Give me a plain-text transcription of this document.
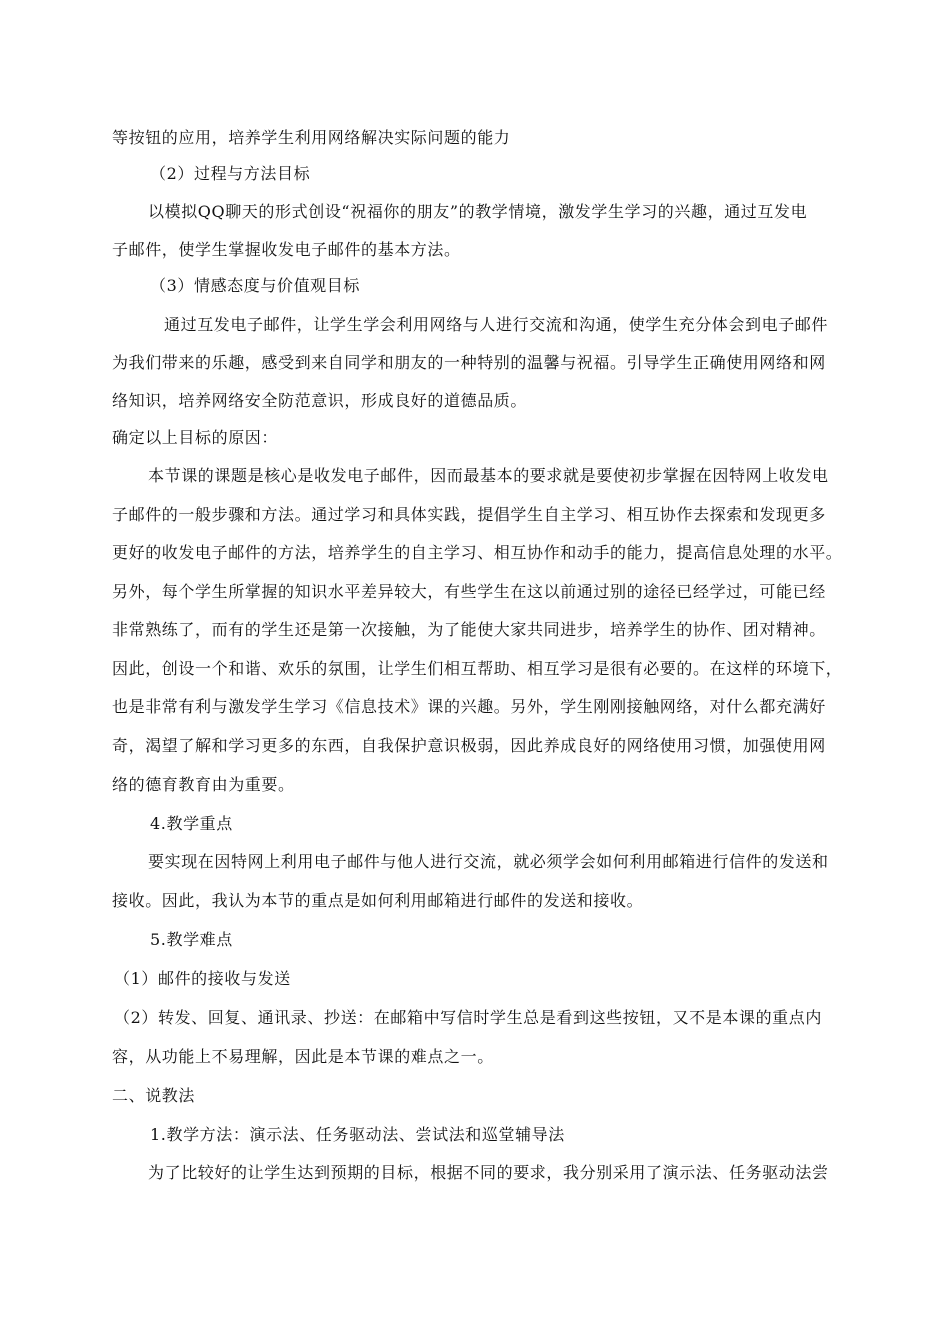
等按钮的应用，培养学生利用网络解决实际问题的能力
（2）过程与方法目标
以模拟QQ聊天的形式创设“祝福你的朋友”的教学情境，激发学生学习的兴趣，通过互发电
子邮件，使学生掌握收发电子邮件的基本方法。
（3）情感态度与价值观目标
通过互发电子邮件，让学生学会利用网络与人进行交流和沟通，使学生充分体会到电子邮件
为我们带来的乐趣，感受到来自同学和朋友的一种特别的温馨与祝福。引导学生正确使用网络和网
络知识，培养网络安全防范意识，形成良好的道德品质。
确定以上目标的原因：
本节课的课题是核心是收发电子邮件，因而最基本的要求就是要使初步掌握在因特网上收发电
子邮件的一般步骤和方法。通过学习和具体实践，提倡学生自主学习、相互协作去探索和发现更多
更好的收发电子邮件的方法，培养学生的自主学习、相互协作和动手的能力，提高信息处理的水平。
另外，每个学生所掌握的知识水平差异较大，有些学生在这以前通过别的途径已经学过，可能已经
非常熟练了，而有的学生还是第一次接触，为了能使大家共同进步，培养学生的协作、团对精神。
因此，创设一个和谐、欢乐的氛围，让学生们相互帮助、相互学习是很有必要的。在这样的环境下，
也是非常有利与激发学生学习《信息技术》课的兴趣。另外，学生刚刚接触网络，对什么都充满好
奇，渴望了解和学习更多的东西，自我保护意识极弱，因此养成良好的网络使用习惯，加强使用网
络的德育教育由为重要。
4.教学重点
要实现在因特网上利用电子邮件与他人进行交流，就必须学会如何利用邮箱进行信件的发送和
接收。因此，我认为本节的重点是如何利用邮箱进行邮件的发送和接收。
5.教学难点
（1）邮件的接收与发送
（2）转发、回复、通讯录、抄送：在邮箱中写信时学生总是看到这些按钮，又不是本课的重点内
容，从功能上不易理解，因此是本节课的难点之一。
二、说教法
1.教学方法：演示法、任务驱动法、尝试法和巡堂辅导法
为了比较好的让学生达到预期的目标，根据不同的要求，我分别采用了演示法、任务驱动法尝
